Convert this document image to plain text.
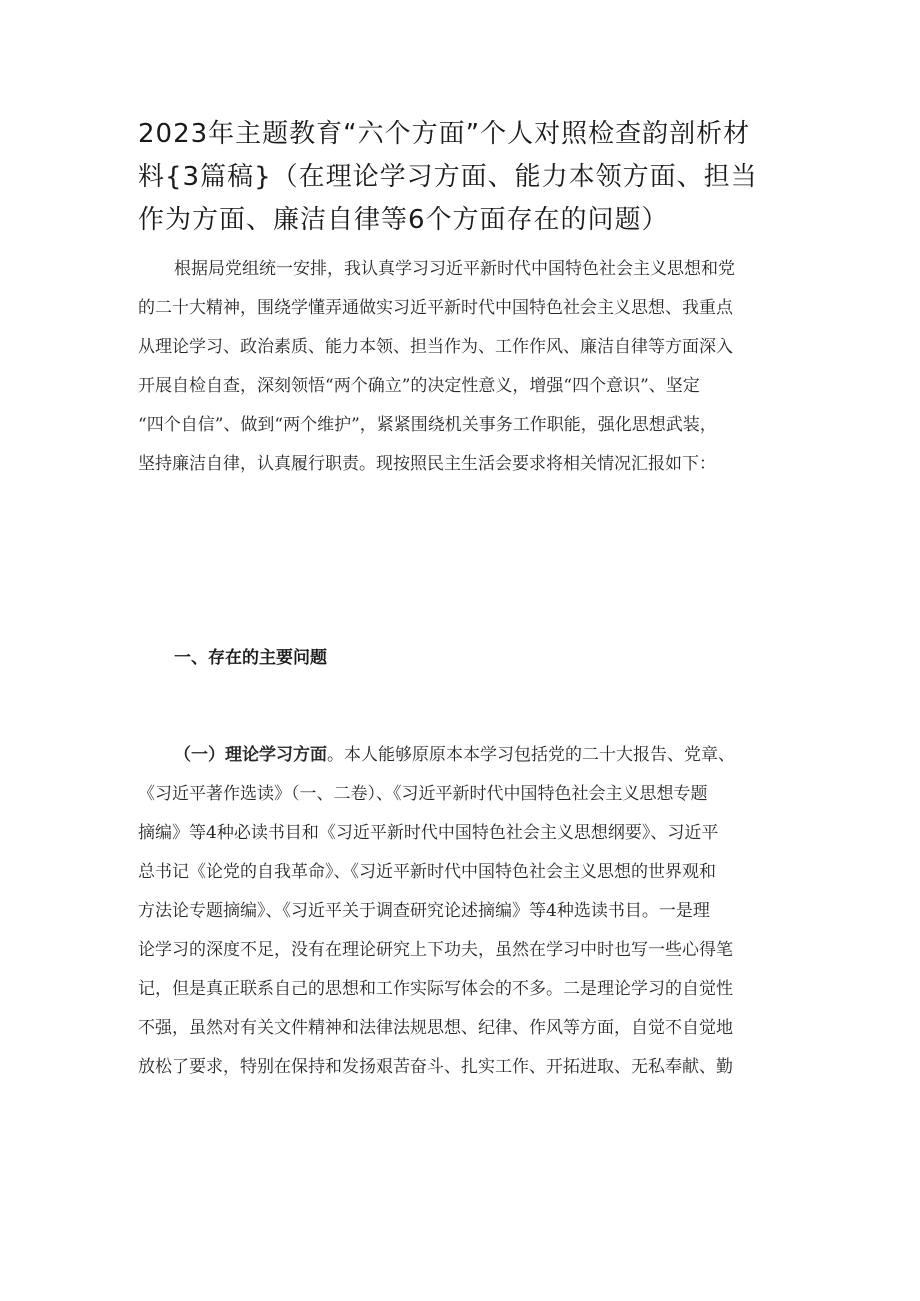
2023年主题教育“六个方面”个人对照检查韵剖析材
料{3篇稿}（在理论学习方面、能力本领方面、担当
作为方面、廉洁自律等6个方面存在的问题）
根据局党组统一安排，我认真学习习近平新时代中国特色社会主义思想和党
的二十大精神，围绕学懂弄通做实习近平新时代中国特色社会主义思想、我重点
从理论学习、政治素质、能力本领、担当作为、工作作风、廉洁自律等方面深入
开展自检自查，深刻领悟“两个确立”的决定性意义，增强“四个意识”、坚定
“四个自信”、做到“两个维护”，紧紧围绕机关事务工作职能，强化思想武装，
坚持廉洁自律，认真履行职责。现按照民主生活会要求将相关情况汇报如下：
一、存在的主要问题
（一）理论学习方面。本人能够原原本本学习包括党的二十大报告、党章、
《习近平著作选读》（一、二卷）、《习近平新时代中国特色社会主义思想专题
摘编》等4种必读书目和《习近平新时代中国特色社会主义思想纲要》、习近平
总书记《论党的自我革命》、《习近平新时代中国特色社会主义思想的世界观和
方法论专题摘编》、《习近平关于调查研究论述摘编》等4种选读书目。一是理
论学习的深度不足，没有在理论研究上下功夫，虽然在学习中时也写一些心得笔
记，但是真正联系自己的思想和工作实际写体会的不多。二是理论学习的自觉性
不强，虽然对有关文件精神和法律法规思想、纪律、作风等方面，自觉不自觉地
放松了要求，特别在保持和发扬艰苦奋斗、扎实工作、开拓进取、无私奉献、勤
